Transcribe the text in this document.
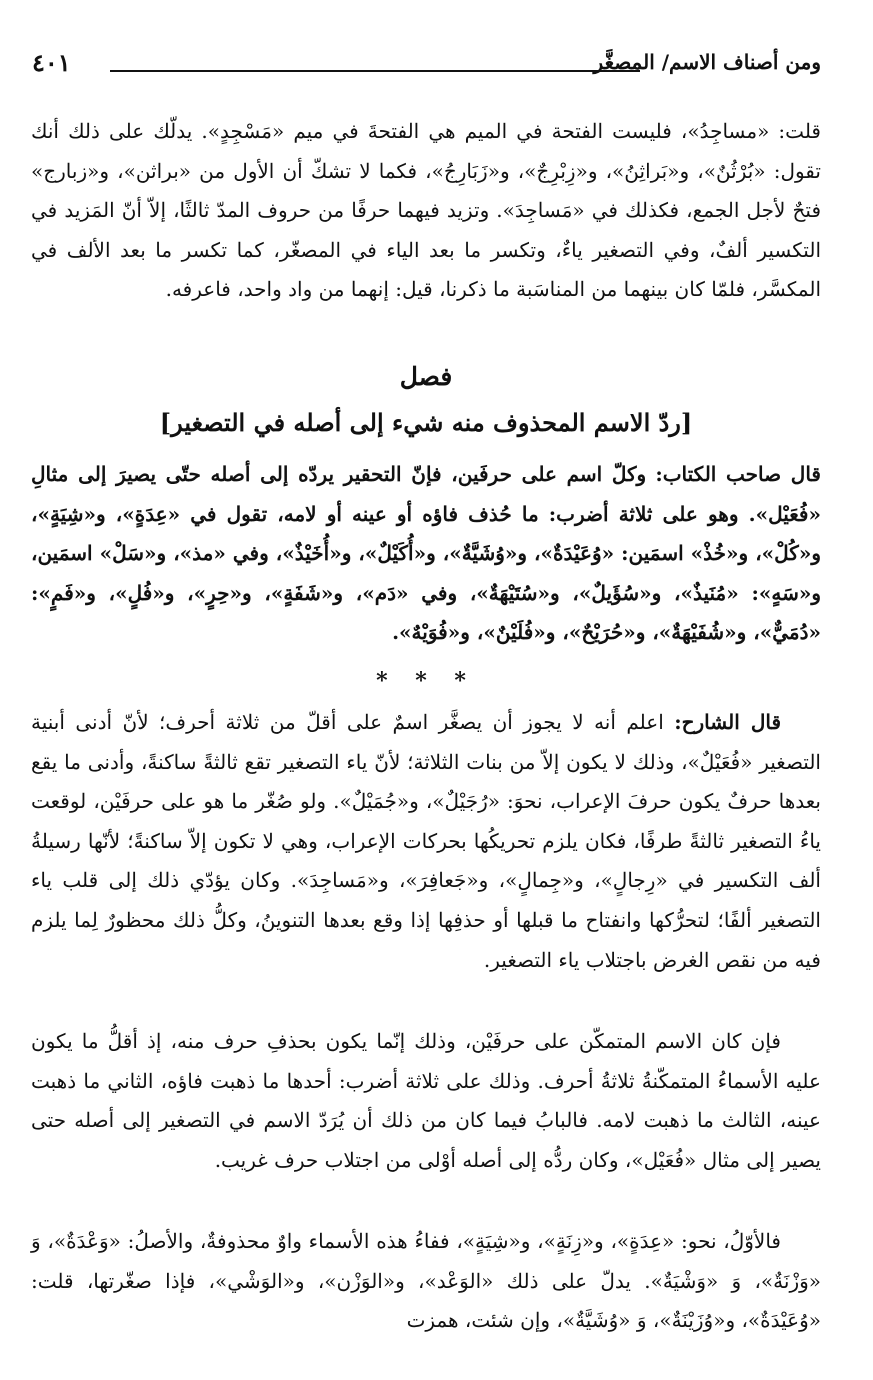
ومن أصناف الاسم/ المصغَّر
٤٠١

قلت: «مساجِدُ»، فليست الفتحة في الميم هي الفتحةَ في ميم «مَسْجِدٍ». يدلّك على ذلك أنك تقول: «بُرْثُنٌ»، و«بَراثِنُ»، و«زِبْرِجٌ»، و«زَبَارِجُ»، فكما لا تشكّ أن الأول من «براثن»، و«زبارج» فتحٌ لأجل الجمع، فكذلك في «مَساجِدَ». وتزيد فيهما حرفًا من حروف المدّ ثالثًا، إلاّ أنّ المَزيد في التكسير ألفٌ، وفي التصغير ياءٌ، وتكسر ما بعد الياء في المصغّر، كما تكسر ما بعد الألف في المكسَّر، فلمّا كان بينهما من المناسَبة ما ذكرنا، قيل: إنهما من واد واحد، فاعرفه.

فصل
[ردّ الاسم المحذوف منه شيء إلى أصله في التصغير]

قال صاحب الكتاب: وكلّ اسم على حرفَين، فإنّ التحقير يردّه إلى أصله حتّى يصيرَ إلى مثالِ «فُعَيْل». وهو على ثلاثة أضرب: ما حُذف فاؤه أو عينه أو لامه، تقول في «عِدَةٍ»، و«شِيَةٍ»، و«كُلْ»، و«خُذْ» اسمَين: «وُعَيْدَةٌ»، و«وُشَيَّةٌ»، و«أُكَيْلٌ»، و«أُخَيْذٌ»، وفي «مذ»، و«سَلْ» اسمَين، و«سَهٍ»: «مُنَيذٌ»، و«سُؤَيلٌ»، و«سُتَيْهَةٌ»، وفي «دَم»، و«شَفَةٍ»، و«حِرٍ»، و«فُلٍ»، و«فَمٍ»: «دُمَيٌّ»، و«شُفَيْهَةٌ»، و«حُرَيْحٌ»، و«فُلَيْنٌ»، و«فُوَيْهٌ».

* * *

قال الشارح: اعلم أنه لا يجوز أن يصغَّر اسمٌ على أقلّ من ثلاثة أحرف؛ لأنّ أدنى أبنية التصغير «فُعَيْلٌ»، وذلك لا يكون إلاّ من بنات الثلاثة؛ لأنّ ياء التصغير تقع ثالثةً ساكنةً، وأدنى ما يقع بعدها حرفٌ يكون حرفَ الإعراب، نحوَ: «رُجَيْلٌ»، و«جُمَيْلٌ». ولو صُغّر ما هو على حرفَيْن، لوقعت ياءُ التصغير ثالثةً طرفًا، فكان يلزم تحريكُها بحركات الإعراب، وهي لا تكون إلاّ ساكنةً؛ لأنّها رسيلةُ ألف التكسير في «رِجالٍ»، و«جِمالٍ»، و«جَعافِرَ»، و«مَساجِدَ». وكان يؤدّي ذلك إلى قلب ياء التصغير ألفًا؛ لتحرُّكها وانفتاح ما قبلها أو حذفِها إذا وقع بعدها التنوينُ، وكلُّ ذلك محظورٌ لِما يلزم فيه من نقص الغرض باجتلاب ياء التصغير.

فإن كان الاسم المتمكّن على حرفَيْن، وذلك إنّما يكون بحذفِ حرف منه، إذ أقلُّ ما يكون عليه الأسماءُ المتمكّنةُ ثلاثةُ أحرف. وذلك على ثلاثة أضرب: أحدها ما ذهبت فاؤه، الثاني ما ذهبت عينه، الثالث ما ذهبت لامه. فالبابُ فيما كان من ذلك أن يُرَدّ الاسم في التصغير إلى أصله حتى يصير إلى مثال «فُعَيْل»، وكان ردُّه إلى أصله أوْلى من اجتلاب حرف غريب.

فالأوّلُ، نحو: «عِدَةٍ»، و«زِنَةٍ»، و«شِيَةٍ»، ففاءُ هذه الأسماء واوٌ محذوفةٌ، والأصلُ: «وَعْدَةٌ»، وَ «وَزْنَةٌ»، وَ «وَشْيَةٌ». يدلّ على ذلك «الوَعْد»، و«الوَزْن»، و«الوَشْي»، فإذا صغّرتها، قلت: «وُعَيْدَةٌ»، و«وُزَيْنَةٌ»، وَ «وُشَيَّةٌ»، وإن شئت، همزت
